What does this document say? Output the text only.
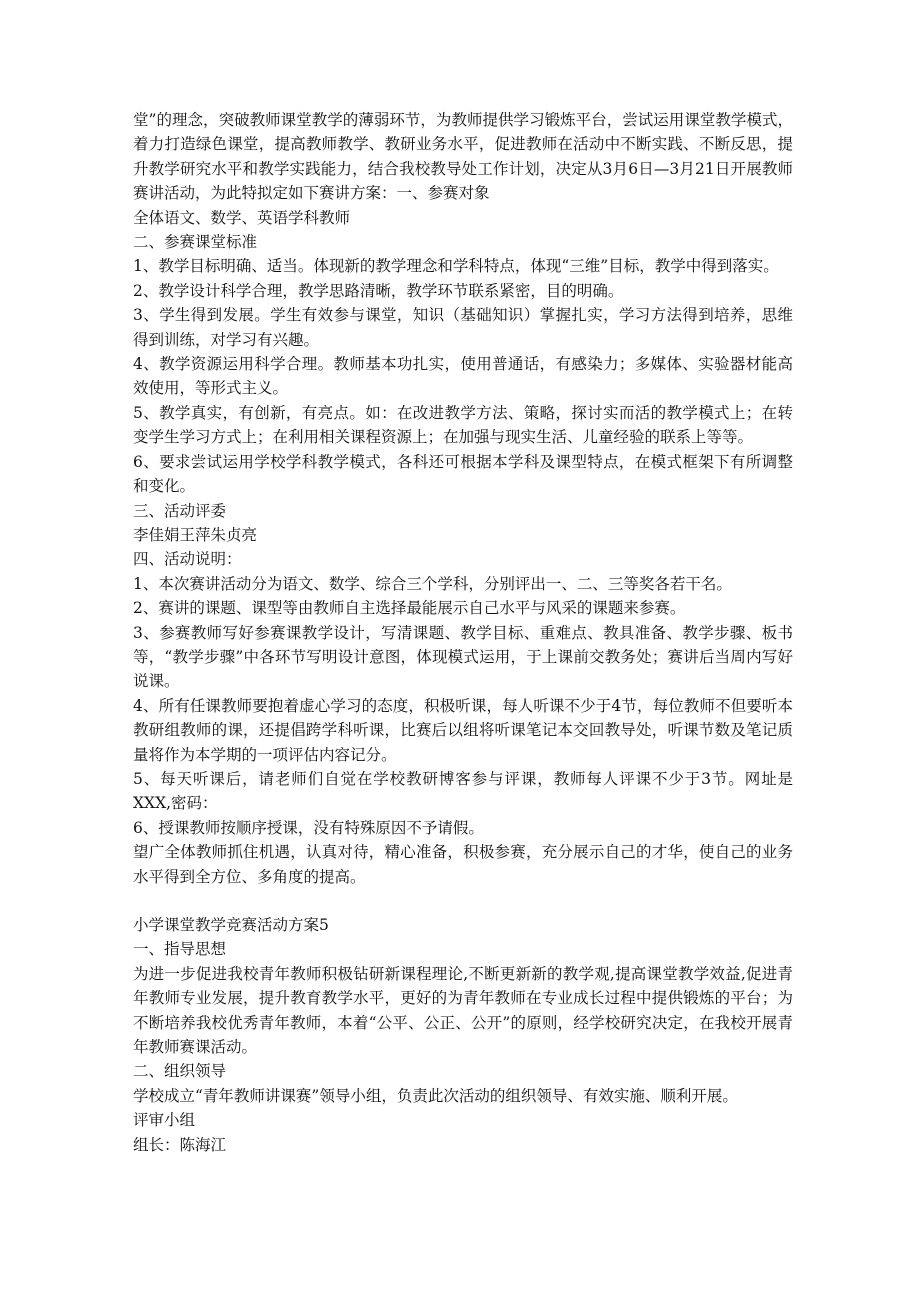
堂”的理念，突破教师课堂教学的薄弱环节，为教师提供学习锻炼平台，尝试运用课堂教学模式，着力打造绿色课堂，提高教师教学、教研业务水平，促进教师在活动中不断实践、不断反思，提升教学研究水平和教学实践能力，结合我校教导处工作计划，决定从3月6日—3月21日开展教师赛讲活动，为此特拟定如下赛讲方案：一、参赛对象

全体语文、数学、英语学科教师

二、参赛课堂标准

1、教学目标明确、适当。体现新的教学理念和学科特点，体现“三维”目标，教学中得到落实。

2、教学设计科学合理，教学思路清晰，教学环节联系紧密，目的明确。

3、学生得到发展。学生有效参与课堂，知识（基础知识）掌握扎实，学习方法得到培养，思维得到训练，对学习有兴趣。

4、教学资源运用科学合理。教师基本功扎实，使用普通话，有感染力；多媒体、实验器材能高效使用，等形式主义。

5、教学真实，有创新，有亮点。如：在改进教学方法、策略，探讨实而活的教学模式上；在转变学生学习方式上；在利用相关课程资源上；在加强与现实生活、儿童经验的联系上等等。

6、要求尝试运用学校学科教学模式，各科还可根据本学科及课型特点，在模式框架下有所调整和变化。

三、活动评委

李佳娟王萍朱贞亮

四、活动说明：

1、本次赛讲活动分为语文、数学、综合三个学科，分别评出一、二、三等奖各若干名。

2、赛讲的课题、课型等由教师自主选择最能展示自己水平与风采的课题来参赛。

3、参赛教师写好参赛课教学设计，写清课题、教学目标、重难点、教具准备、教学步骤、板书等，“教学步骤”中各环节写明设计意图，体现模式运用，于上课前交教务处；赛讲后当周内写好说课。

4、所有任课教师要抱着虚心学习的态度，积极听课，每人听课不少于4节，每位教师不但要听本教研组教师的课，还提倡跨学科听课，比赛后以组将听课笔记本交回教导处，听课节数及笔记质量将作为本学期的一项评估内容记分。

5、每天听课后，请老师们自觉在学校教研博客参与评课，教师每人评课不少于3节。网址是XXX,密码：

6、授课教师按顺序授课，没有特殊原因不予请假。

望广全体教师抓住机遇，认真对待，精心准备，积极参赛，充分展示自己的才华，使自己的业务水平得到全方位、多角度的提高。

小学课堂教学竞赛活动方案5

一、指导思想

为进一步促进我校青年教师积极钻研新课程理论,不断更新新的教学观,提高课堂教学效益,促进青年教师专业发展，提升教育教学水平，更好的为青年教师在专业成长过程中提供锻炼的平台；为不断培养我校优秀青年教师，本着“公平、公正、公开”的原则，经学校研究决定，在我校开展青年教师赛课活动。

二、组织领导

学校成立“青年教师讲课赛”领导小组，负责此次活动的组织领导、有效实施、顺利开展。

评审小组

组长：陈海江
